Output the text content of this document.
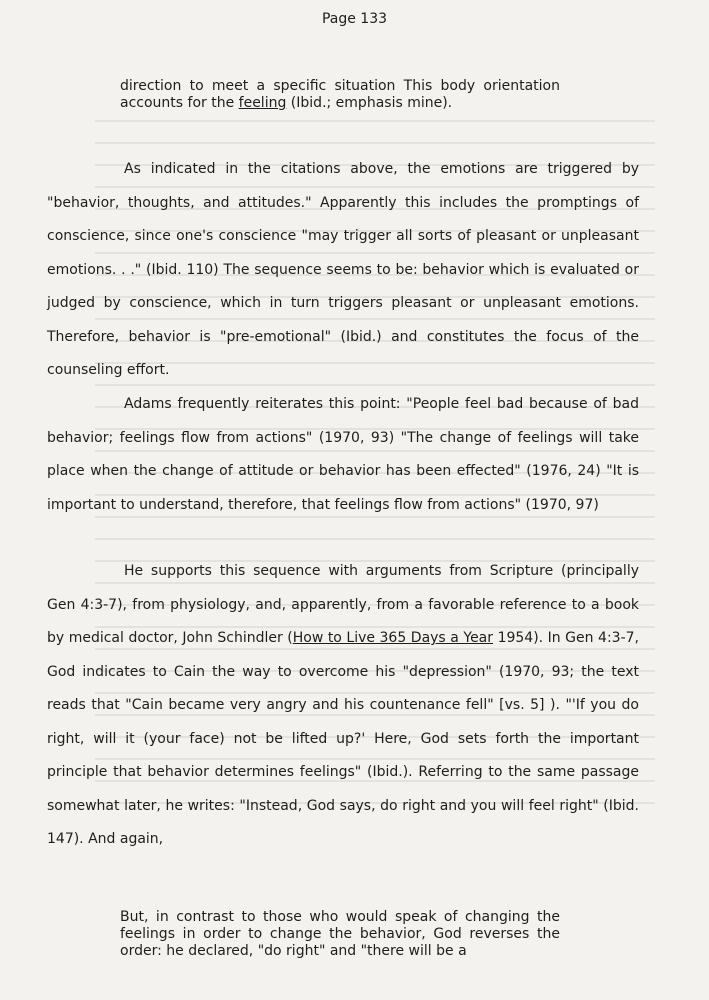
Page 133

direction to meet a specific situation This body orientation accounts for the feeling (Ibid.; emphasis mine).

As indicated in the citations above, the emotions are triggered by "behavior, thoughts, and attitudes." Apparently this includes the promptings of conscience, since one's conscience "may trigger all sorts of pleasant or unpleasant emotions. . ." (Ibid. 110) The sequence seems to be: behavior which is evaluated or judged by conscience, which in turn triggers pleasant or unpleasant emotions. Therefore, behavior is "pre-emotional" (Ibid.) and constitutes the focus of the counseling effort.

Adams frequently reiterates this point: "People feel bad because of bad behavior; feelings flow from actions" (1970, 93) "The change of feelings will take place when the change of attitude or behavior has been effected" (1976, 24) "It is important to understand, therefore, that feelings flow from actions" (1970, 97)

He supports this sequence with arguments from Scripture (principally Gen 4:3-7), from physiology, and, apparently, from a favorable reference to a book by medical doctor, John Schindler (How to Live 365 Days a Year 1954). In Gen 4:3-7, God indicates to Cain the way to overcome his "depression" (1970, 93; the text reads that "Cain became very angry and his countenance fell" [vs. 5] ). "'If you do right, will it (your face) not be lifted up?' Here, God sets forth the important principle that behavior determines feelings" (Ibid.). Referring to the same passage somewhat later, he writes: "Instead, God says, do right and you will feel right" (Ibid. 147). And again,

But, in contrast to those who would speak of changing the feelings in order to change the behavior, God reverses the order: he declared, "do right" and "there will be a
